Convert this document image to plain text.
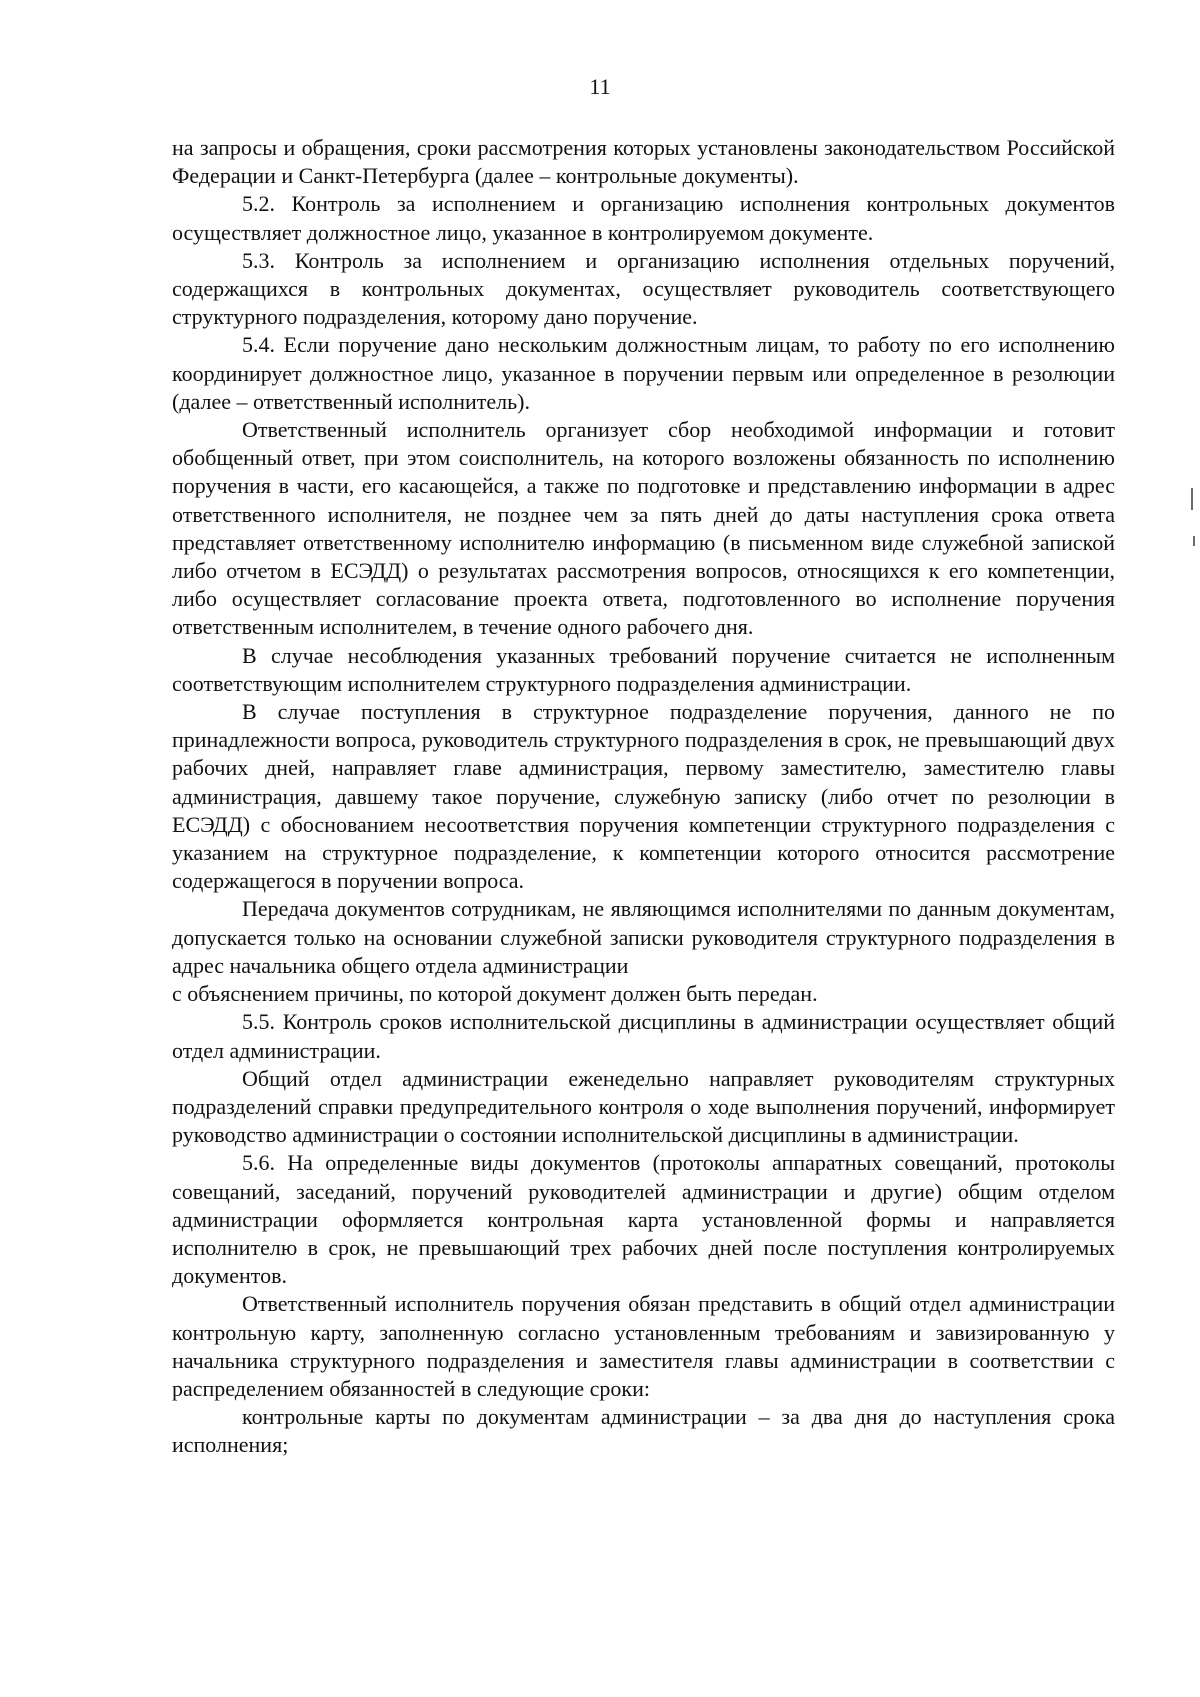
11

на запросы и обращения, сроки рассмотрения которых установлены законодательством Российской Федерации и Санкт-Петербурга (далее – контрольные документы).

5.2. Контроль за исполнением и организацию исполнения контрольных документов осуществляет должностное лицо, указанное в контролируемом документе.

5.3. Контроль за исполнением и организацию исполнения отдельных поручений, содержащихся в контрольных документах, осуществляет руководитель соответствующего структурного подразделения, которому дано поручение.

5.4. Если поручение дано нескольким должностным лицам, то работу по его исполнению координирует должностное лицо, указанное в поручении первым или определенное в резолюции (далее – ответственный исполнитель).

Ответственный исполнитель организует сбор необходимой информации и готовит обобщенный ответ, при этом соисполнитель, на которого возложены обязанность по исполнению поручения в части, его касающейся, а также по подготовке и представлению информации в адрес ответственного исполнителя, не позднее чем за пять дней до даты наступления срока ответа представляет ответственному исполнителю информацию (в письменном виде служебной запиской либо отчетом в ЕСЭДД) о результатах рассмотрения вопросов, относящихся к его компетенции, либо осуществляет согласование проекта ответа, подготовленного во исполнение поручения ответственным исполнителем, в течение одного рабочего дня.

В случае несоблюдения указанных требований поручение считается не исполненным соответствующим исполнителем структурного подразделения администрации.

В случае поступления в структурное подразделение поручения, данного не по принадлежности вопроса, руководитель структурного подразделения в срок, не превышающий двух рабочих дней, направляет главе администрация, первому заместителю, заместителю главы администрация, давшему такое поручение, служебную записку (либо отчет по резолюции в ЕСЭДД) с обоснованием несоответствия поручения компетенции структурного подразделения с указанием на структурное подразделение, к компетенции которого относится рассмотрение содержащегося в поручении вопроса.

Передача документов сотрудникам, не являющимся исполнителями по данным документам, допускается только на основании служебной записки руководителя структурного подразделения в адрес начальника общего отдела администрации

с объяснением причины, по которой документ должен быть передан.

5.5. Контроль сроков исполнительской дисциплины в администрации осуществляет общий отдел администрации.

Общий отдел администрации еженедельно направляет руководителям структурных подразделений справки предупредительного контроля о ходе выполнения поручений, информирует руководство администрации о состоянии исполнительской дисциплины в администрации.

5.6. На определенные виды документов (протоколы аппаратных совещаний, протоколы совещаний, заседаний, поручений руководителей администрации и другие) общим отделом администрации оформляется контрольная карта установленной формы и направляется исполнителю в срок, не превышающий трех рабочих дней после поступления контролируемых документов.

Ответственный исполнитель поручения обязан представить в общий отдел администрации контрольную карту, заполненную согласно установленным требованиям и завизированную у начальника структурного подразделения и заместителя главы администрации в соответствии с распределением обязанностей в следующие сроки:

контрольные карты по документам администрации – за два дня до наступления срока исполнения;
